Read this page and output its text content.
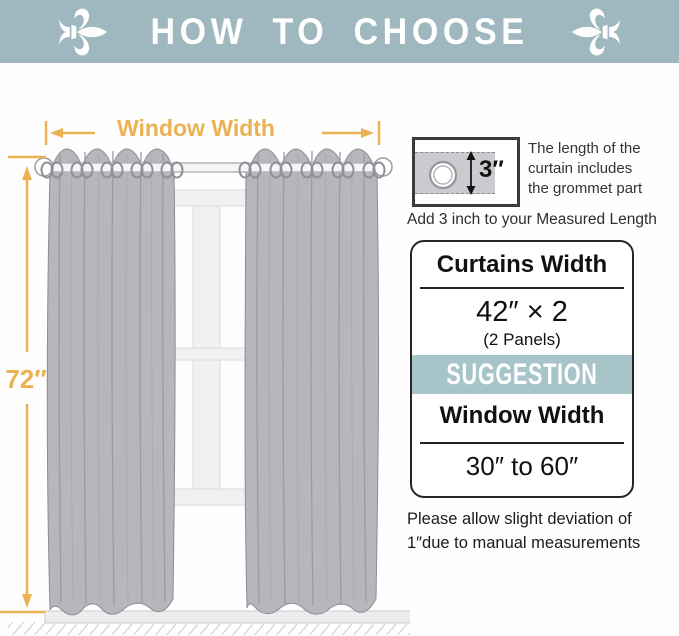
HOW TO CHOOSE
Window Width
72″
3″
The length of the
curtain includes
the grommet part
Add 3 inch to your Measured Length
Curtains Width
42″ × 2
(2 Panels)
SUGGESTION
Window Width
30″ to 60″
Please allow slight deviation of
1″due to manual measurements
